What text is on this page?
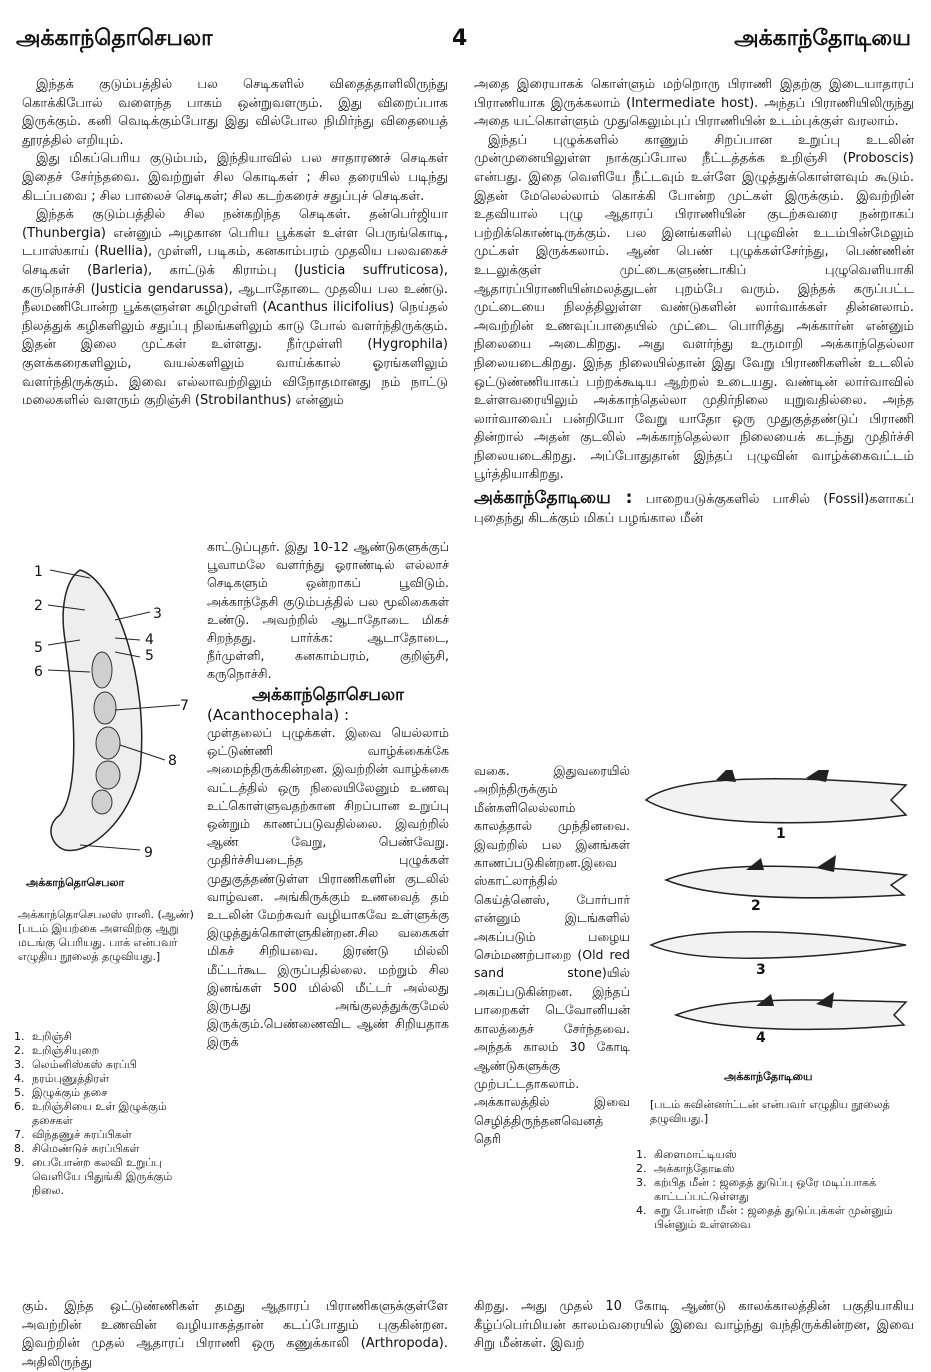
அக்காந்தொசெபலா	4	அக்காந்தோடியை

இந்தக் குடும்பத்தில் பல செடிகளில் விதைத்தாளிலிருந்து கொக்கிபோல் வளைந்த பாகம் ஒன்றுவளரும். இது விறைப்பாக இருக்கும். கனி வெடிக்கும்போது இது வில்போல நிமிர்ந்து விதையைத் தூரத்தில் எறியும்.

இது மிகப்பெரிய குடும்பம், இந்தியாவில் பல சாதாரணச் செடிகள் இதைச் சேர்ந்தவை. இவற்றுள் சில கொடிகள் ; சில தரையில் படிந்து கிடப்பவை ; சில பாலைச் செடிகள்; சில கடற்கரைச் சதுப்புச் செடிகள்.

இந்தக் குடும்பத்தில் சில நன்கறிந்த செடிகள். தன்பெர்ஜியா (Thunbergia) என்னும் அழகான பெரிய பூக்கள் உள்ள பெருங்கொடி, டபாஸ்காய் (Ruellia), முள்ளி, படிகம், கனகாம்பரம் முதலிய பலவகைச் செடிகள் (Barleria), காட்டுக் கிராம்பு (Justicia suffruticosa), கருநொச்சி (Justicia gendarussa), ஆடாதோடை முதலிய பல உண்டு. நீலமணிபோன்ற பூக்களுள்ள கழிமுள்ளி (Acanthus ilicifolius) நெய்தல் நிலத்துக் கழிகளிலும் சதுப்பு நிலங்களிலும் காடு போல் வளர்ந்திருக்கும். இதன் இலை முட்கள் உள்ளது. நீர்முள்ளி (Hygrophila) குளக்கரைகளிலும், வயல்களிலும் வாய்க்கால் ஓரங்களிலும் வளர்ந்திருக்கும். இவை எல்லாவற்றிலும் விநோதமானது நம் நாட்டு மலைகளில் வளரும் குறிஞ்சி (Strobilanthus) என்னும்

1
2	3
4
5	5
6
7
8
9
அக்காந்தொசெபலா
அக்காந்தொசெபலஸ் ரானி. (ஆண்) [படம் இயற்கை அளவிற்கு ஆறு மடங்கு பெரியது. பாக் என்பவர் எழுதிய நூலைத் தழுவியது.]
1. உறிஞ்சி
2. உறிஞ்சியுறை
3. லெம்னிஸ்கஸ் சுரப்பி
4. நரம்புணுத்திரள்
5. இழுக்கும் தசை
6. உறிஞ்சியை உள் இழுக்கும் தசைகள்
7. விந்தணுச் சுரப்பிகள்
8. சிமெண்டுச் சுரப்பிகள்
9. பைபோன்ற கலவி உறுப்பு வெளியே பிதுங்கி இருக்கும் நிலை.

காட்டுப்புதர். இது 10-12 ஆண்டுகளுக்குப் பூவாமலே வளர்ந்து ஓராண்டில் எல்லாச் செடிகளும் ஒன்றாகப் பூவிடும். அக்காந்தேசி குடும்பத்தில் பல மூலிகைகள் உண்டு. அவற்றில் ஆடாதோடை மிகச் சிறந்தது. பார்க்க: ஆடாதோடை, நீர்முள்ளி, கனகாம்பரம், குறிஞ்சி, கருநொச்சி.

அக்காந்தொசெபலா
(Acanthocephala) :

முள்தலைப் புழுக்கள். இவை யெல்லாம் ஒட்டுண்ணி வாழ்க்கைக்கே அமைந்திருக்கின்றன. இவற்றின் வாழ்க்கை வட்டத்தில் ஒரு நிலையிலேனும் உணவு உட்கொள்ளுவதற்கான சிறப்பான உறுப்பு ஒன்றும் காணப்படுவதில்லை. இவற்றில் ஆண் வேறு, பெண்வேறு. முதிர்ச்சியடைந்த புழுக்கள் முதுகுத்தண்டுள்ள பிராணிகளின் குடலில் வாழ்வன. அங்கிருக்கும் உணவைத் தம் உடலின் மேற்சுவர் வழியாகவே உள்ளுக்கு இழுத்துக்கொள்ளுகின்றன.சில வகைகள் மிகச் சிறியவை. இரண்டு மில்லி மீட்டர்கூட இருப்பதில்லை. மற்றும் சில இனங்கள் 500 மில்லி மீட்டர் அல்லது இருபது அங்குலத்துக்குமேல் இருக்கும்.பெண்ணைவிட ஆண் சிறியதாக இருக்

கும். இந்த ஒட்டுண்ணிகள் தமது ஆதாரப் பிராணிகளுக்குள்ளே அவற்றின் உணவின் வழியாகத்தான் கடப்போதும் புகுகின்றன. இவற்றின் முதல் ஆதாரப் பிராணி ஒரு கணுக்காலி (Arthropoda). அதிலிருந்து

அதை இரையாகக் கொள்ளும் மற்றொரு பிராணி இதற்கு இடையாதாரப் பிராணியாக இருக்கலாம் (Intermediate host). அந்தப் பிராணியிலிருந்து அதை யட்கொள்ளும் முதுகெலும்புப் பிராணியின் உடம்புக்குள் வரலாம்.

இந்தப் புழுக்களில் காணும் சிறப்பான உறுப்பு உடலின் முன்முனையிலுள்ள நாக்குப்போல நீட்டத்தக்க உறிஞ்சி (Proboscis) என்பது. இதை வெளியே நீட்டவும் உள்ளே இழுத்துக்கொள்ளவும் கூடும். இதன் மேலெல்லாம் கொக்கி போன்ற முட்கள் இருக்கும். இவற்றின் உதவியால் புழு ஆதாரப் பிராணியின் குடற்சுவரை நன்றாகப் பற்றிக்கொண்டிருக்கும். பல இனங்களில் புழுவின் உடம்பின்மேலும் முட்கள் இருக்கலாம். ஆண் பெண் புழுக்கள்சேர்ந்து, பெண்ணின் உடலுக்குள் முட்டைகளுண்டாகிப் புழுவெளியாகி ஆதாரப்பிராணியின்மலத்துடன் புறம்பே வரும். இந்தக் கருப்பட்ட முட்டையை நிலத்திலுள்ள வண்டுகளின் லார்வாக்கள் தின்னலாம். அவற்றின் உணவுப்பாதையில் முட்டை பொரித்து அக்கார்ன் என்னும் நிலையை அடைகிறது. அது வளர்ந்து உருமாறி அக்காந்தெல்லா நிலையடைகிறது. இந்த நிலையில்தான் இது வேறு பிராணிகளின் உடலில் ஒட்டுண்ணியாகப் பற்றக்கூடிய ஆற்றல் உடையது. வண்டின் லார்வாவில் உள்ளவரையிலும் அக்காந்தெல்லா முதிர்நிலை யுறுவதில்லை. அந்த லார்வாவைப் பன்றியோ வேறு யாதோ ஒரு முதுகுத்தண்டுப் பிராணி தின்றால் அதன் குடலில் அக்காந்தெல்லா நிலையைக் கடந்து முதிர்ச்சி நிலையடைகிறது. அப்போதுதான் இந்தப் புழுவின் வாழ்க்கைவட்டம் பூர்த்தியாகிறது.

அக்காந்தோடியை : பாறையடுக்குகளில் பாசில் (Fossil)களாகப் புதைந்து கிடக்கும் மிகப் பழங்கால மீன்

வகை. இதுவரையில் அறிந்திருக்கும் மீன்களிலெல்லாம் காலத்தால் முந்தினவை. இவற்றில் பல இனங்கள் காணப்படுகின்றன.இவை ஸ்காட்லாந்தில் கெய்த்னெஸ், போர்பார் என்னும் இடங்களில் அகப்படும் பழைய செம்மணற்பாறை (Old red sand stone)யில் அகப்படுகின்றன. இந்தப் பாறைகள் டெவோனியன் காலத்தைச் சேர்ந்தவை. அந்தக் காலம் 30 கோடி ஆண்டுகளுக்கு முற்பட்டதாகலாம். அக்காலத்தில் இவை செழித்திருந்தனவெனத் தெரி

1
2
3
4
அக்காந்தோடியை
[படம் சுவின்னர்ட்டன் என்பவர் எழுதிய நூலைத் தழுவியது.]
1. கிளைமாட்டியஸ்
2. அக்காந்தோடீஸ்
3. கற்பித மீன் : ஜதைத் துடுப்பு ஒரே மடிப்பாகக் காட்டப்பட்டுள்ளது
4. சுறு போன்ற மீன் : ஜதைத் துடுப்புக்கள் முன்னும் பின்னும் உள்ளவை

கிறது. அது முதல் 10 கோடி ஆண்டு காலக்காலத்தின் பகுதியாகிய கீழ்ப்பெர்மியன் காலம்வரையில் இவை வாழ்ந்து வந்திருக்கின்றன, இவை சிறு மீன்கள். இவற்
